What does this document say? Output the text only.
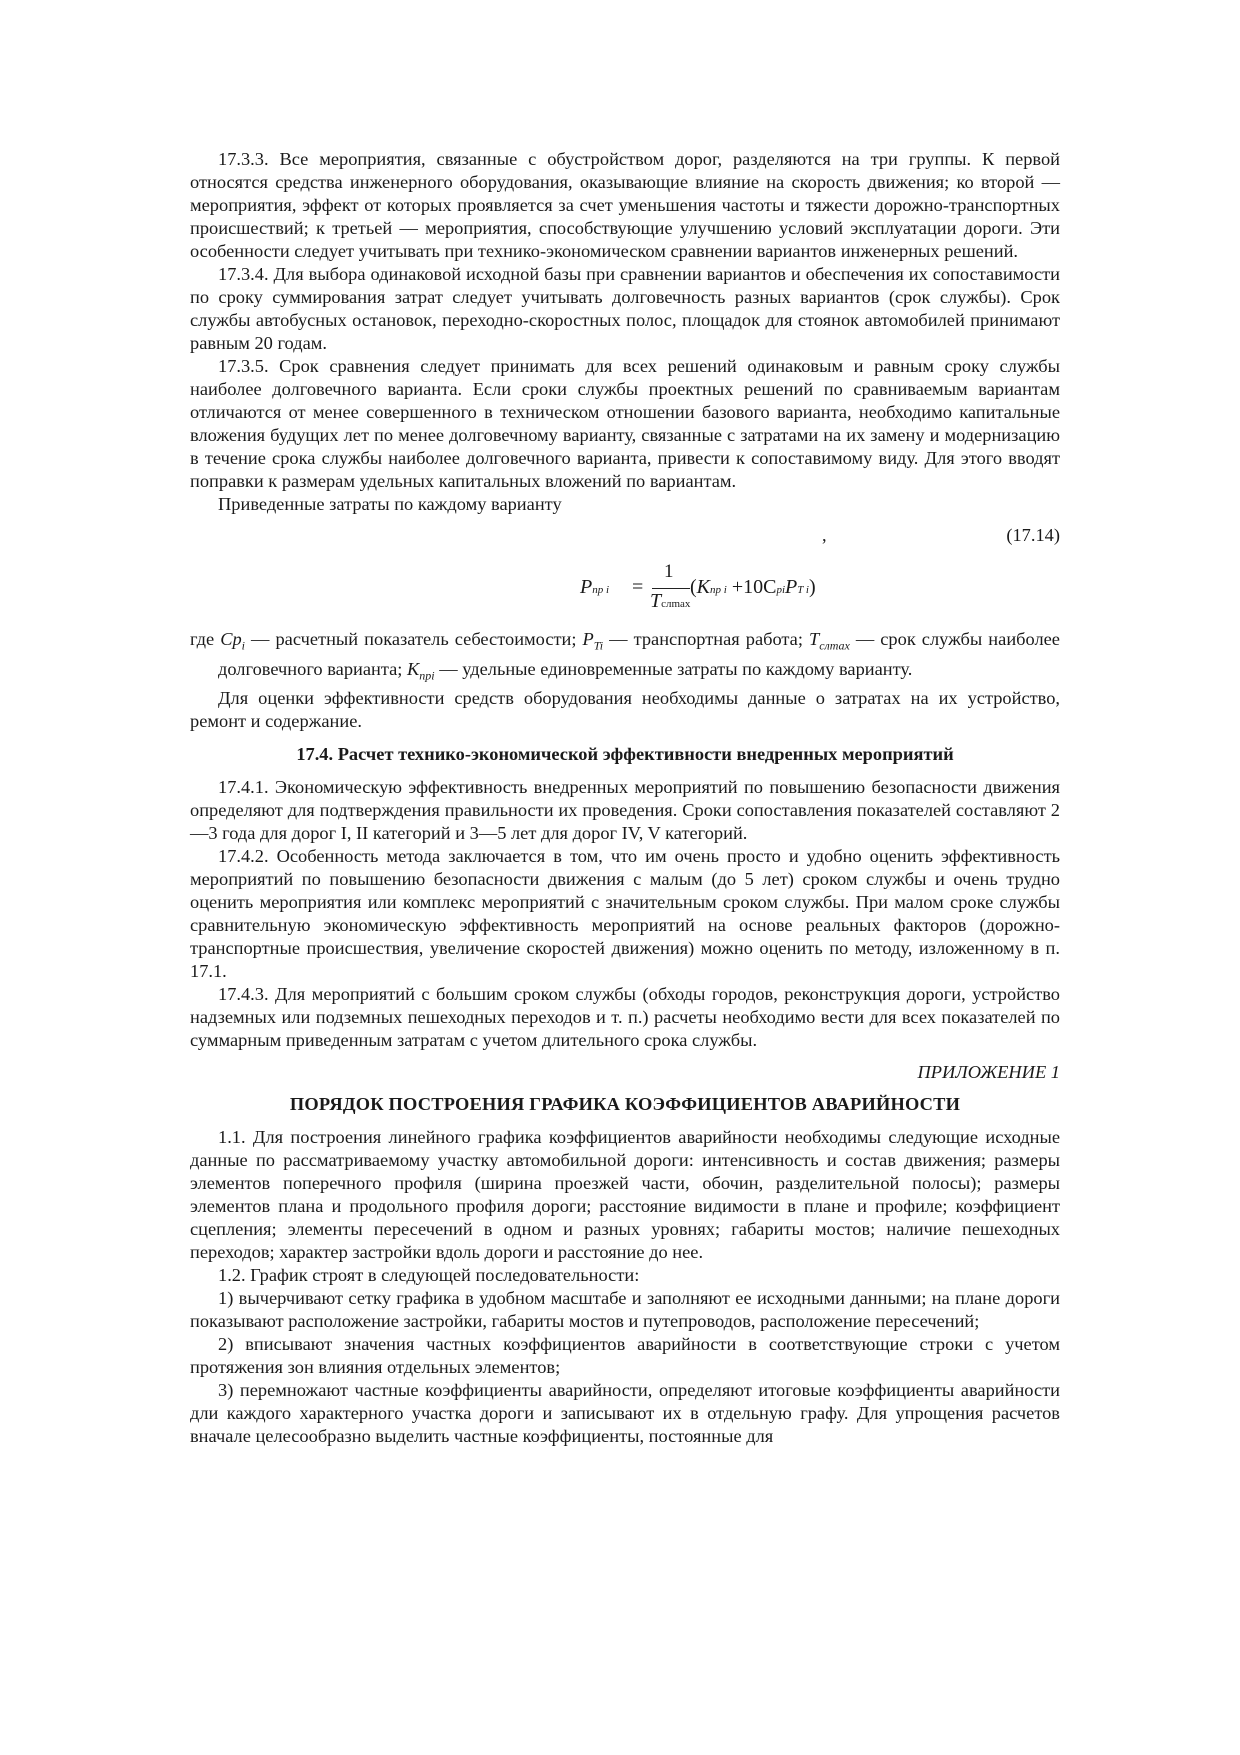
17.3.3. Все мероприятия, связанные с обустройством дорог, разделяются на три группы. К первой относятся средства инженерного оборудования, оказывающие влияние на скорость движения; ко второй — мероприятия, эффект от которых проявляется за счет уменьшения частоты и тяжести дорожно-транспортных происшествий; к третьей — мероприятия, способствующие улучшению условий эксплуатации дороги. Эти особенности следует учитывать при технико-экономическом сравнении вариантов инженерных решений.

17.3.4. Для выбора одинаковой исходной базы при сравнении вариантов и обеспечения их сопоставимости по сроку суммирования затрат следует учитывать долговечность разных вариантов (срок службы). Срок службы автобусных остановок, переходно-скоростных полос, площадок для стоянок автомобилей принимают равным 20 годам.

17.3.5. Срок сравнения следует принимать для всех решений одинаковым и равным сроку службы наиболее долговечного варианта. Если сроки службы проектных решений по сравниваемым вариантам отличаются от менее совершенного в техническом отношении базового варианта, необходимо капитальные вложения будущих лет по менее долговечному варианту, связанные с затратами на их замену и модернизацию в течение срока службы наиболее долговечного варианта, привести к сопоставимому виду. Для этого вводят поправки к размерам удельных капитальных вложений по вариантам.

Приведенные затраты по каждому варианту

,	(17.14)
Pпр i =
1
Tслmax
(Kпр i +10CpiPT i)

где $Cp_i$ — расчетный показатель себестоимости; $P_{Ti}$ — транспортная работа; $T_{слmax}$ — срок службы наиболее долговечного варианта; $K_{прi}$ — удельные единовременные затраты по каждому варианту.

Для оценки эффективности средств оборудования необходимы данные о затратах на их устройство, ремонт и содержание.

17.4. Расчет технико-экономической эффективности внедренных мероприятий

17.4.1. Экономическую эффективность внедренных мероприятий по повышению безопасности движения определяют для подтверждения правильности их проведения. Сроки сопоставления показателей составляют 2—3 года для дорог I, II категорий и 3—5 лет для дорог IV, V категорий.

17.4.2. Особенность метода заключается в том, что им очень просто и удобно оценить эффективность мероприятий по повышению безопасности движения с малым (до 5 лет) сроком службы и очень трудно оценить мероприятия или комплекс мероприятий с значительным сроком службы. При малом сроке службы сравнительную экономическую эффективность мероприятий на основе реальных факторов (дорожно-транспортные происшествия, увеличение скоростей движения) можно оценить по методу, изложенному в п. 17.1.

17.4.3. Для мероприятий с большим сроком службы (обходы городов, реконструкция дороги, устройство надземных или подземных пешеходных переходов и т. п.) расчеты необходимо вести для всех показателей по суммарным приведенным затратам с учетом длительного срока службы.

ПРИЛОЖЕНИЕ 1

ПОРЯДОК ПОСТРОЕНИЯ ГРАФИКА КОЭФФИЦИЕНТОВ АВАРИЙНОСТИ

1.1. Для построения линейного графика коэффициентов аварийности необходимы следующие исходные данные по рассматриваемому участку автомобильной дороги: интенсивность и состав движения; размеры элементов поперечного профиля (ширина проезжей части, обочин, разделительной полосы); размеры элементов плана и продольного профиля дороги; расстояние видимости в плане и профиле; коэффициент сцепления; элементы пересечений в одном и разных уровнях; габариты мостов; наличие пешеходных переходов; характер застройки вдоль дороги и расстояние до нее.

1.2. График строят в следующей последовательности:

1) вычерчивают сетку графика в удобном масштабе и заполняют ее исходными данными; на плане дороги показывают расположение застройки, габариты мостов и путепроводов, расположение пересечений;

2) вписывают значения частных коэффициентов аварийности в соответствующие строки с учетом протяжения зон влияния отдельных элементов;

3) перемножают частные коэффициенты аварийности, определяют итоговые коэффициенты аварийности дли каждого характерного участка дороги и записывают их в отдельную графу. Для упрощения расчетов вначале целесообразно выделить частные коэффициенты, постоянные для
